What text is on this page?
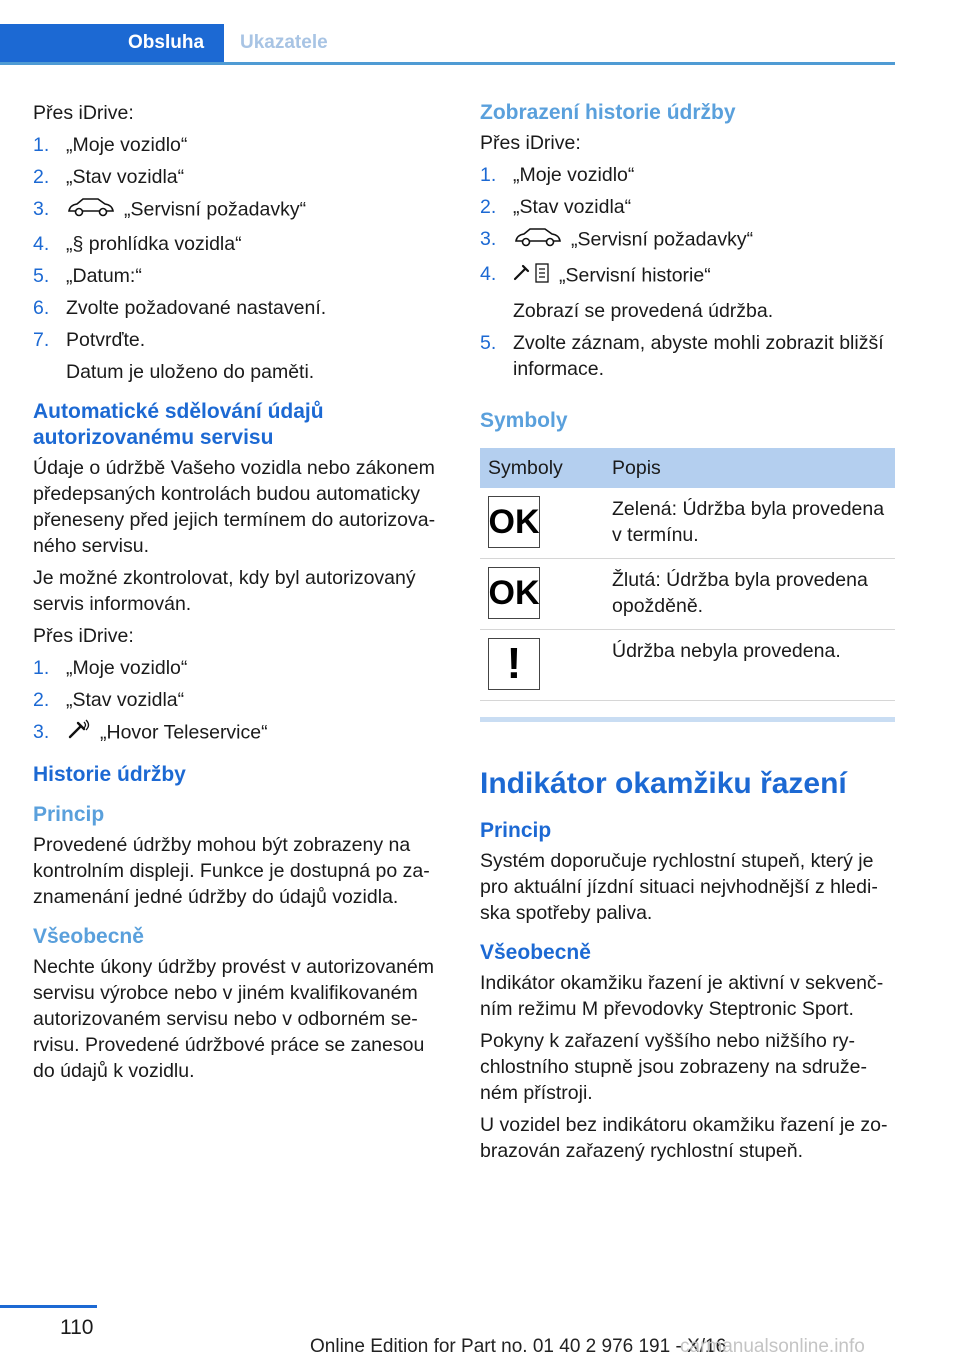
Obsluha	Ukazatele

Přes iDrive:

1. „Moje vozidlo“
2. „Stav vozidla“
3.	„Servisní požadavky“
4. „§ prohlídka vozidla“
5. „Datum:“
6. Zvolte požadované nastavení.
7. Potvrďte.
Datum je uloženo do paměti.
Automatické sdělování údajů autorizovanému servisu

Údaje o údržbě Vašeho vozidla nebo zákonem předepsaných kontrolách budou automaticky přeneseny před jejich termínem do autorizovaného servisu.

Je možné zkontrolovat, kdy byl autorizovaný servis informován.

Přes iDrive:

1. „Moje vozidlo“
2. „Stav vozidla“
3.	„Hovor Teleservice“
Historie údržby
Princip

Provedené údržby mohou být zobrazeny na kontrolním displeji. Funkce je dostupná po zaznamenání jedné údržby do údajů vozidla.

Všeobecně

Nechte úkony údržby provést v autorizovaném servisu výrobce nebo v jiném kvalifikovaném autorizovaném servisu nebo v odborném servisu. Provedené údržbové práce se zanesou do údajů k vozidlu.

Zobrazení historie údržby

Přes iDrive:

1. „Moje vozidlo“
2. „Stav vozidla“
3.	„Servisní požadavky“
4.	„Servisní historie“
Zobrazí se provedená údržba.
5. Zvolte záznam, abyste mohli zobrazit bližší informace.
Symboly
Symboly	Popis

OK	Zelená: Údržba byla provedena v termínu.

OK	Žlutá: Údržba byla provedena opožděně.

!	Údržba nebyla provedena.
Indikátor okamžiku řazení
Princip

Systém doporučuje rychlostní stupeň, který je pro aktuální jízdní situaci nejvhodnější z hlediska spotřeby paliva.

Všeobecně

Indikátor okamžiku řazení je aktivní v sekvenčním režimu M převodovky Steptronic Sport.

Pokyny k zařazení vyššího nebo nižšího rychlostního stupně jsou zobrazeny na sdruženém přístroji.

U vozidel bez indikátoru okamžiku řazení je zobrazován zařazený rychlostní stupeň.

110
Online Edition for Part no. 01 40 2 976 191 - X/16
carmanualsonline.info
